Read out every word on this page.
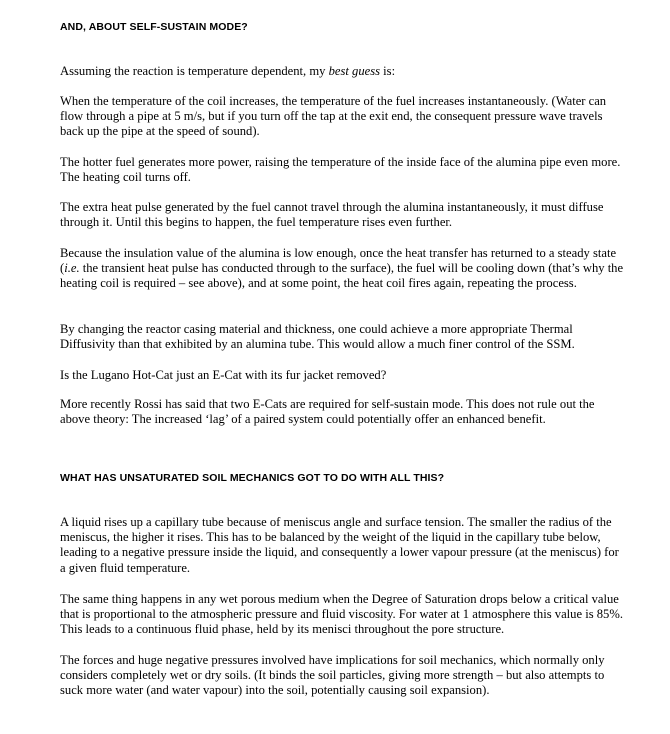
AND, ABOUT SELF-SUSTAIN MODE?

Assuming the reaction is temperature dependent, my best guess is:

When the temperature of the coil increases, the temperature of the fuel increases instantaneously. (Water can flow through a pipe at 5 m/s, but if you turn off the tap at the exit end, the consequent pressure wave travels back up the pipe at the speed of sound).

The hotter fuel generates more power, raising the temperature of the inside face of the alumina pipe even more. The heating coil turns off.

The extra heat pulse generated by the fuel cannot travel through the alumina instantaneously, it must diffuse through it. Until this begins to happen, the fuel temperature rises even further.

Because the insulation value of the alumina is low enough, once the heat transfer has returned to a steady state (i.e. the transient heat pulse has conducted through to the surface), the fuel will be cooling down (that’s why the heating coil is required – see above), and at some point, the heat coil fires again, repeating the process.

By changing the reactor casing material and thickness, one could achieve a more appropriate Thermal Diffusivity than that exhibited by an alumina tube. This would allow a much finer control of the SSM.

Is the Lugano Hot-Cat just an E-Cat with its fur jacket removed?

More recently Rossi has said that two E-Cats are required for self-sustain mode. This does not rule out the above theory: The increased ‘lag’ of a paired system could potentially offer an enhanced benefit.

WHAT HAS UNSATURATED SOIL MECHANICS GOT TO DO WITH ALL THIS?

A liquid rises up a capillary tube because of meniscus angle and surface tension. The smaller the radius of the meniscus, the higher it rises. This has to be balanced by the weight of the liquid in the capillary tube below, leading to a negative pressure inside the liquid, and consequently a lower vapour pressure (at the meniscus) for a given fluid temperature.

The same thing happens in any wet porous medium when the Degree of Saturation drops below a critical value that is proportional to the atmospheric pressure and fluid viscosity. For water at 1 atmosphere this value is 85%. This leads to a continuous fluid phase, held by its menisci throughout the pore structure.

The forces and huge negative pressures involved have implications for soil mechanics, which normally only considers completely wet or dry soils. (It binds the soil particles, giving more strength – but also attempts to suck more water (and water vapour) into the soil, potentially causing soil expansion).
